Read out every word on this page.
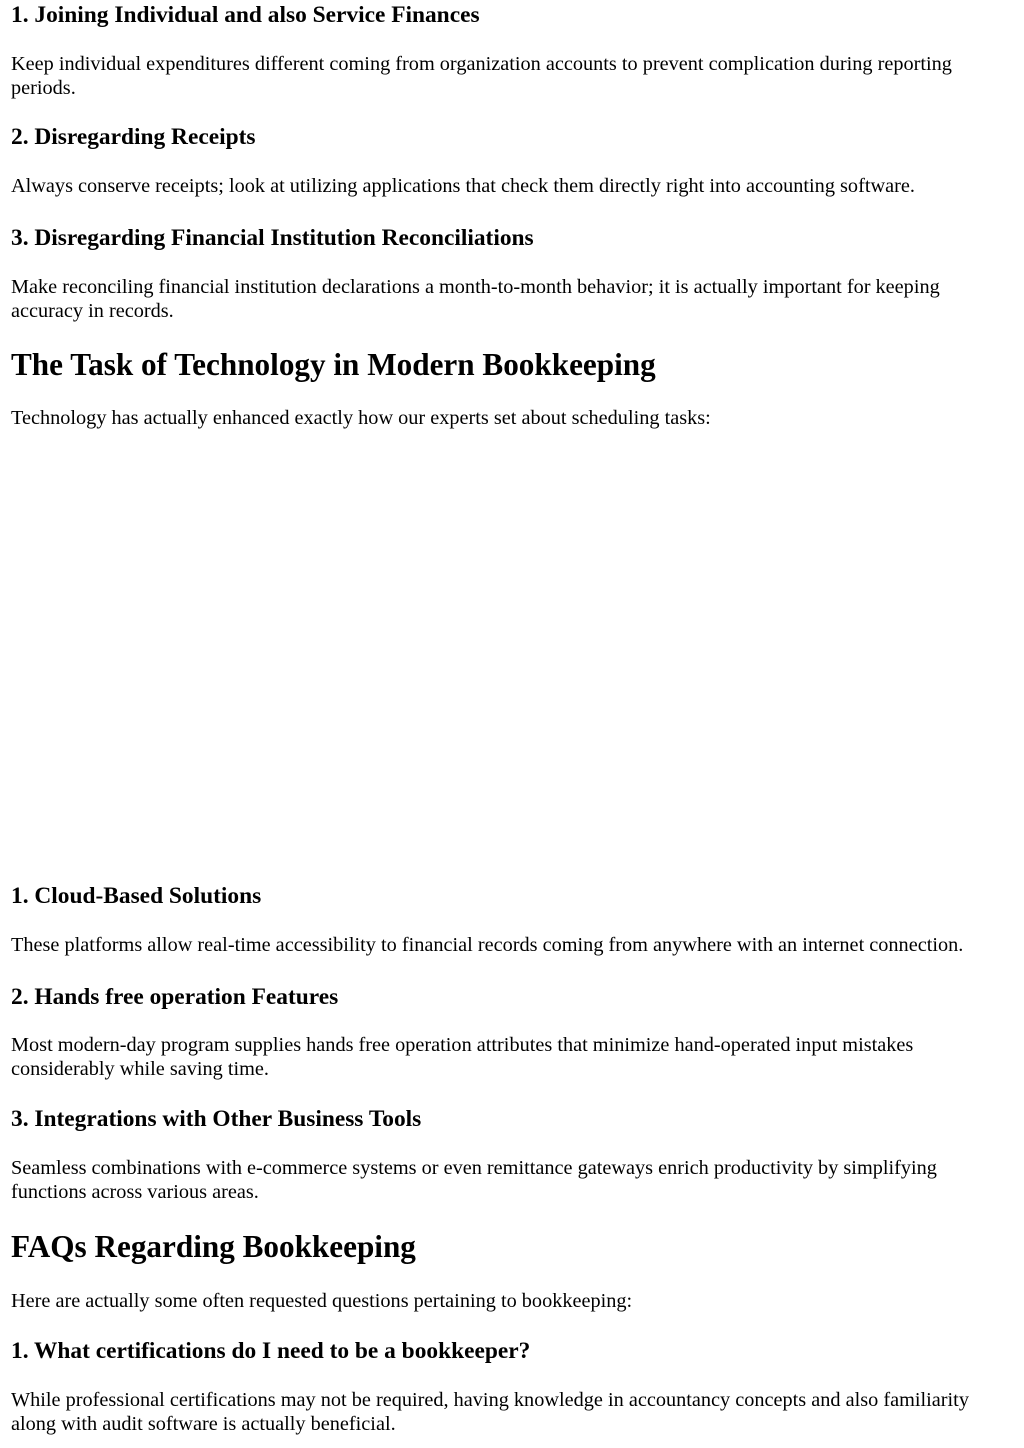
1. Joining Individual and also Service Finances

Keep individual expenditures different coming from organization accounts to prevent complication during reporting periods.

2. Disregarding Receipts

Always conserve receipts; look at utilizing applications that check them directly right into accounting software.

3. Disregarding Financial Institution Reconciliations

Make reconciling financial institution declarations a month-to-month behavior; it is actually important for keeping accuracy in records.

The Task of Technology in Modern Bookkeeping

Technology has actually enhanced exactly how our experts set about scheduling tasks:

1. Cloud-Based Solutions

These platforms allow real-time accessibility to financial records coming from anywhere with an internet connection.

2. Hands free operation Features

Most modern-day program supplies hands free operation attributes that minimize hand-operated input mistakes considerably while saving time.

3. Integrations with Other Business Tools

Seamless combinations with e-commerce systems or even remittance gateways enrich productivity by simplifying functions across various areas.

FAQs Regarding Bookkeeping

Here are actually some often requested questions pertaining to bookkeeping:

1. What certifications do I need to be a bookkeeper?

While professional certifications may not be required, having knowledge in accountancy concepts and also familiarity along with audit software is actually beneficial.
